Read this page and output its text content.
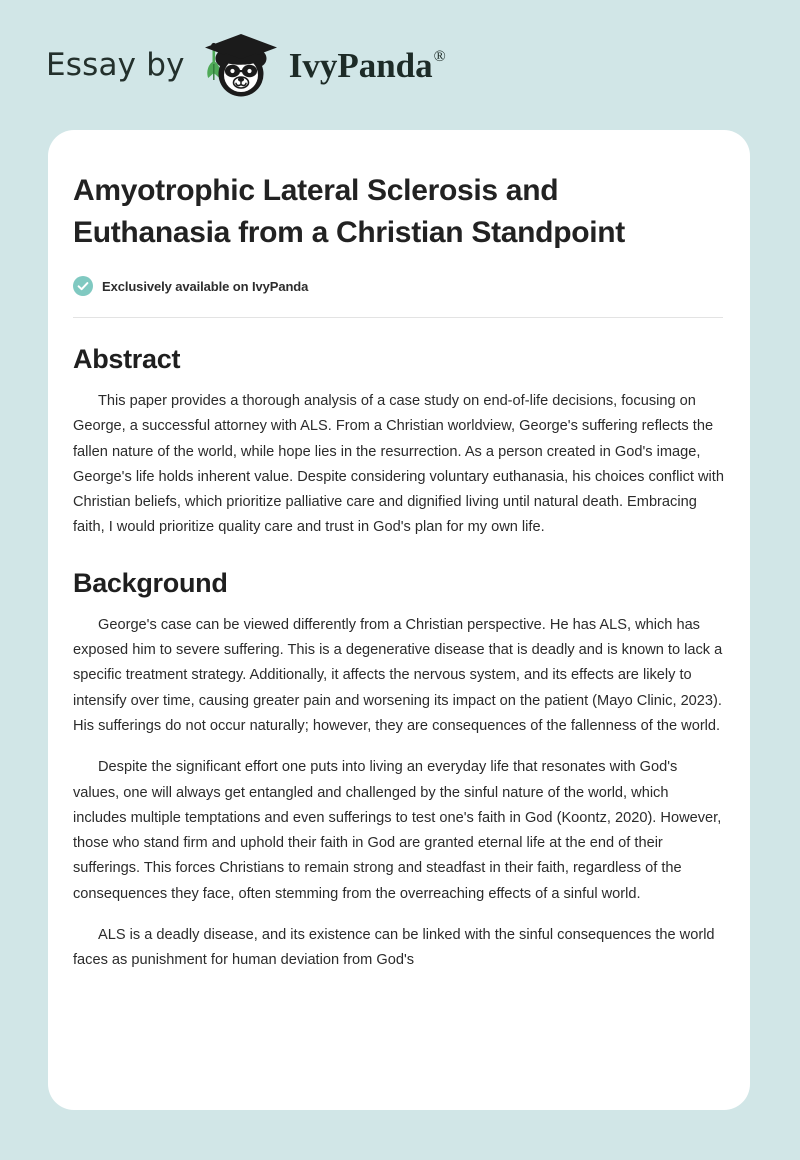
Essay by	IvyPanda®
Amyotrophic Lateral Sclerosis and Euthanasia from a Christian Standpoint
Exclusively available on IvyPanda
Abstract

This paper provides a thorough analysis of a case study on end-of-life decisions, focusing on George, a successful attorney with ALS. From a Christian worldview, George's suffering reflects the fallen nature of the world, while hope lies in the resurrection. As a person created in God's image, George's life holds inherent value. Despite considering voluntary euthanasia, his choices conflict with Christian beliefs, which prioritize palliative care and dignified living until natural death. Embracing faith, I would prioritize quality care and trust in God's plan for my own life.

Background

George's case can be viewed differently from a Christian perspective. He has ALS, which has exposed him to severe suffering. This is a degenerative disease that is deadly and is known to lack a specific treatment strategy. Additionally, it affects the nervous system, and its effects are likely to intensify over time, causing greater pain and worsening its impact on the patient (Mayo Clinic, 2023). His sufferings do not occur naturally; however, they are consequences of the fallenness of the world.

Despite the significant effort one puts into living an everyday life that resonates with God's values, one will always get entangled and challenged by the sinful nature of the world, which includes multiple temptations and even sufferings to test one's faith in God (Koontz, 2020). However, those who stand firm and uphold their faith in God are granted eternal life at the end of their sufferings. This forces Christians to remain strong and steadfast in their faith, regardless of the consequences they face, often stemming from the overreaching effects of a sinful world.

ALS is a deadly disease, and its existence can be linked with the sinful consequences the world faces as punishment for human deviation from God's
